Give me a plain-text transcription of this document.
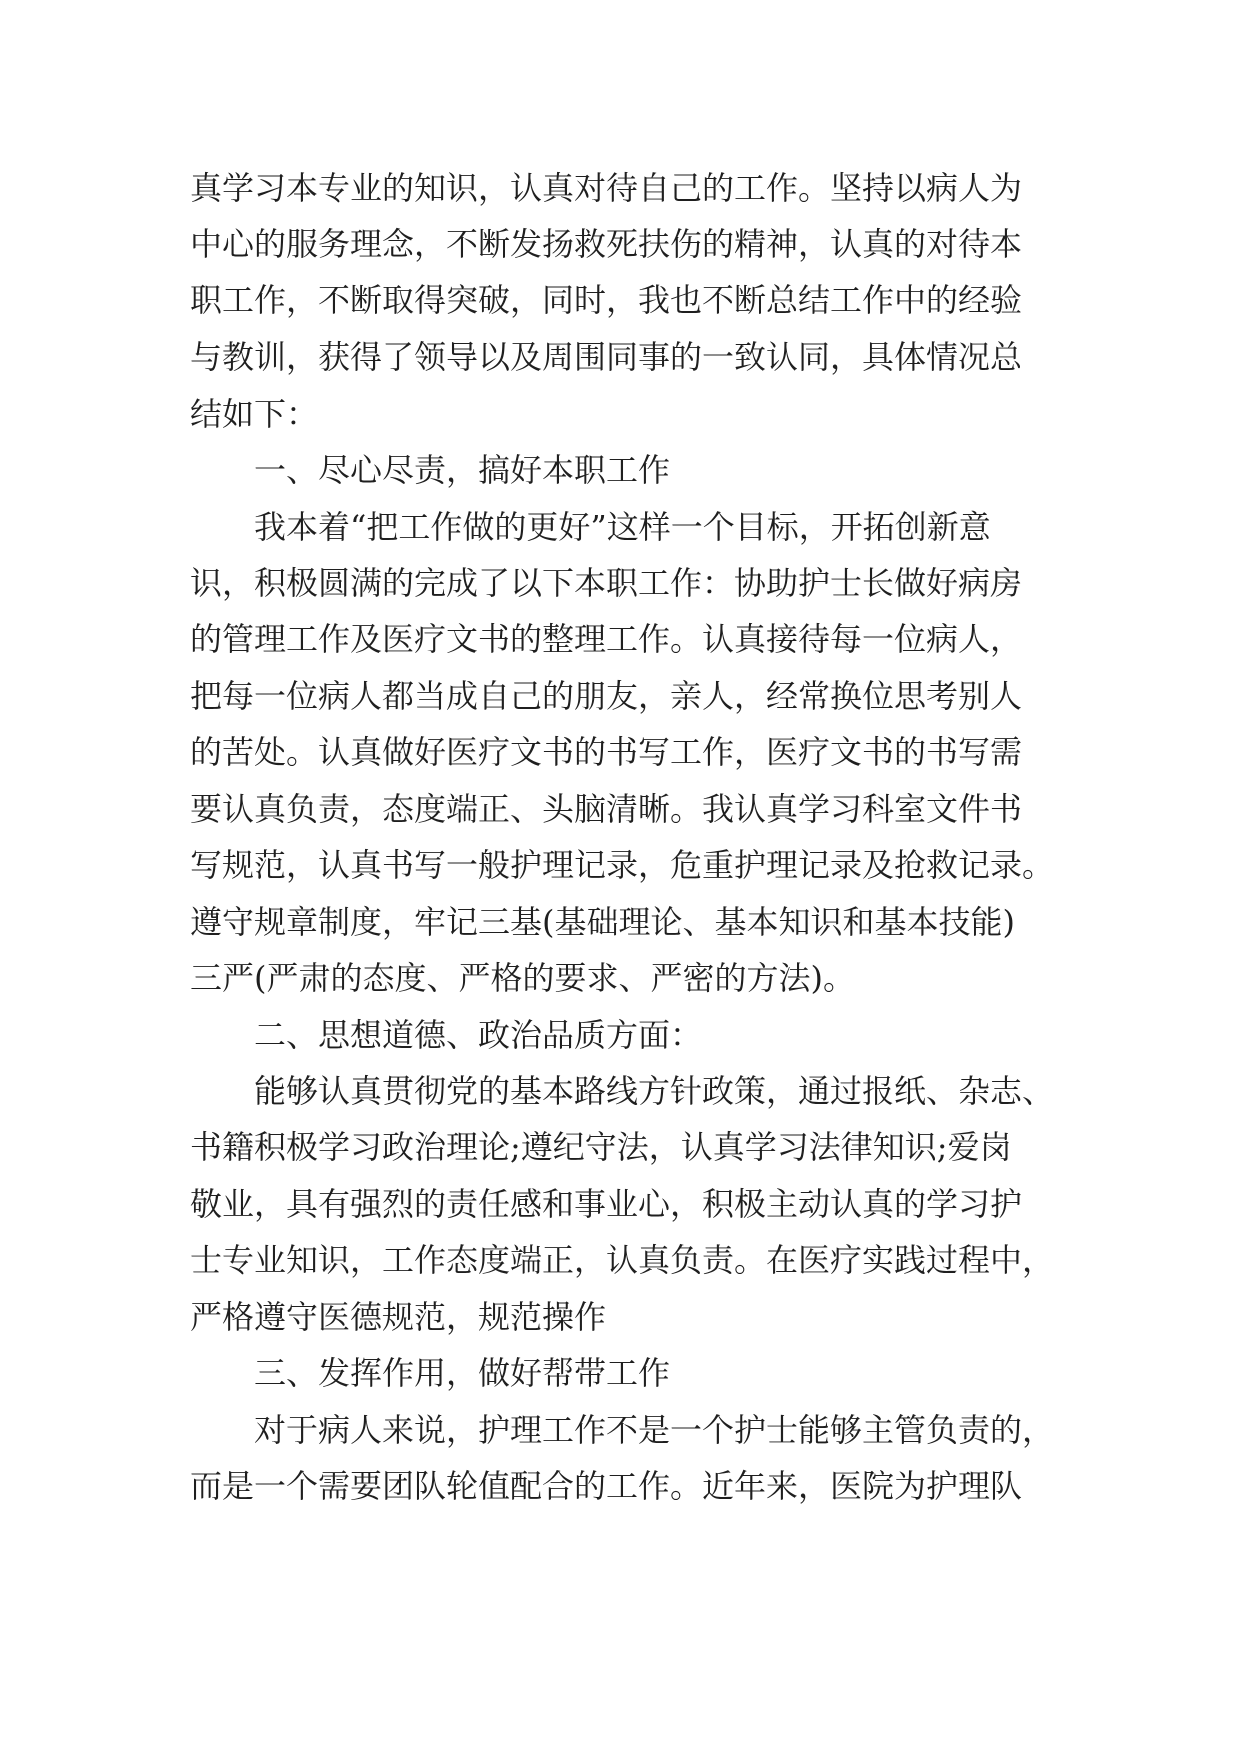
真学习本专业的知识，认真对待自己的工作。坚持以病人为

中心的服务理念，不断发扬救死扶伤的精神，认真的对待本

职工作，不断取得突破，同时，我也不断总结工作中的经验

与教训，获得了领导以及周围同事的一致认同，具体情况总

结如下：

一、尽心尽责，搞好本职工作

我本着“把工作做的更好”这样一个目标，开拓创新意

识，积极圆满的完成了以下本职工作：协助护士长做好病房

的管理工作及医疗文书的整理工作。认真接待每一位病人，

把每一位病人都当成自己的朋友，亲人，经常换位思考别人

的苦处。认真做好医疗文书的书写工作，医疗文书的书写需

要认真负责，态度端正、头脑清晰。我认真学习科室文件书

写规范，认真书写一般护理记录，危重护理记录及抢救记录。

遵守规章制度，牢记三基(基础理论、基本知识和基本技能)

三严(严肃的态度、严格的要求、严密的方法)。

二、思想道德、政治品质方面：

能够认真贯彻党的基本路线方针政策，通过报纸、杂志、

书籍积极学习政治理论;遵纪守法，认真学习法律知识;爱岗

敬业，具有强烈的责任感和事业心，积极主动认真的学习护

士专业知识，工作态度端正，认真负责。在医疗实践过程中，

严格遵守医德规范，规范操作

三、发挥作用，做好帮带工作

对于病人来说，护理工作不是一个护士能够主管负责的，

而是一个需要团队轮值配合的工作。近年来，医院为护理队
